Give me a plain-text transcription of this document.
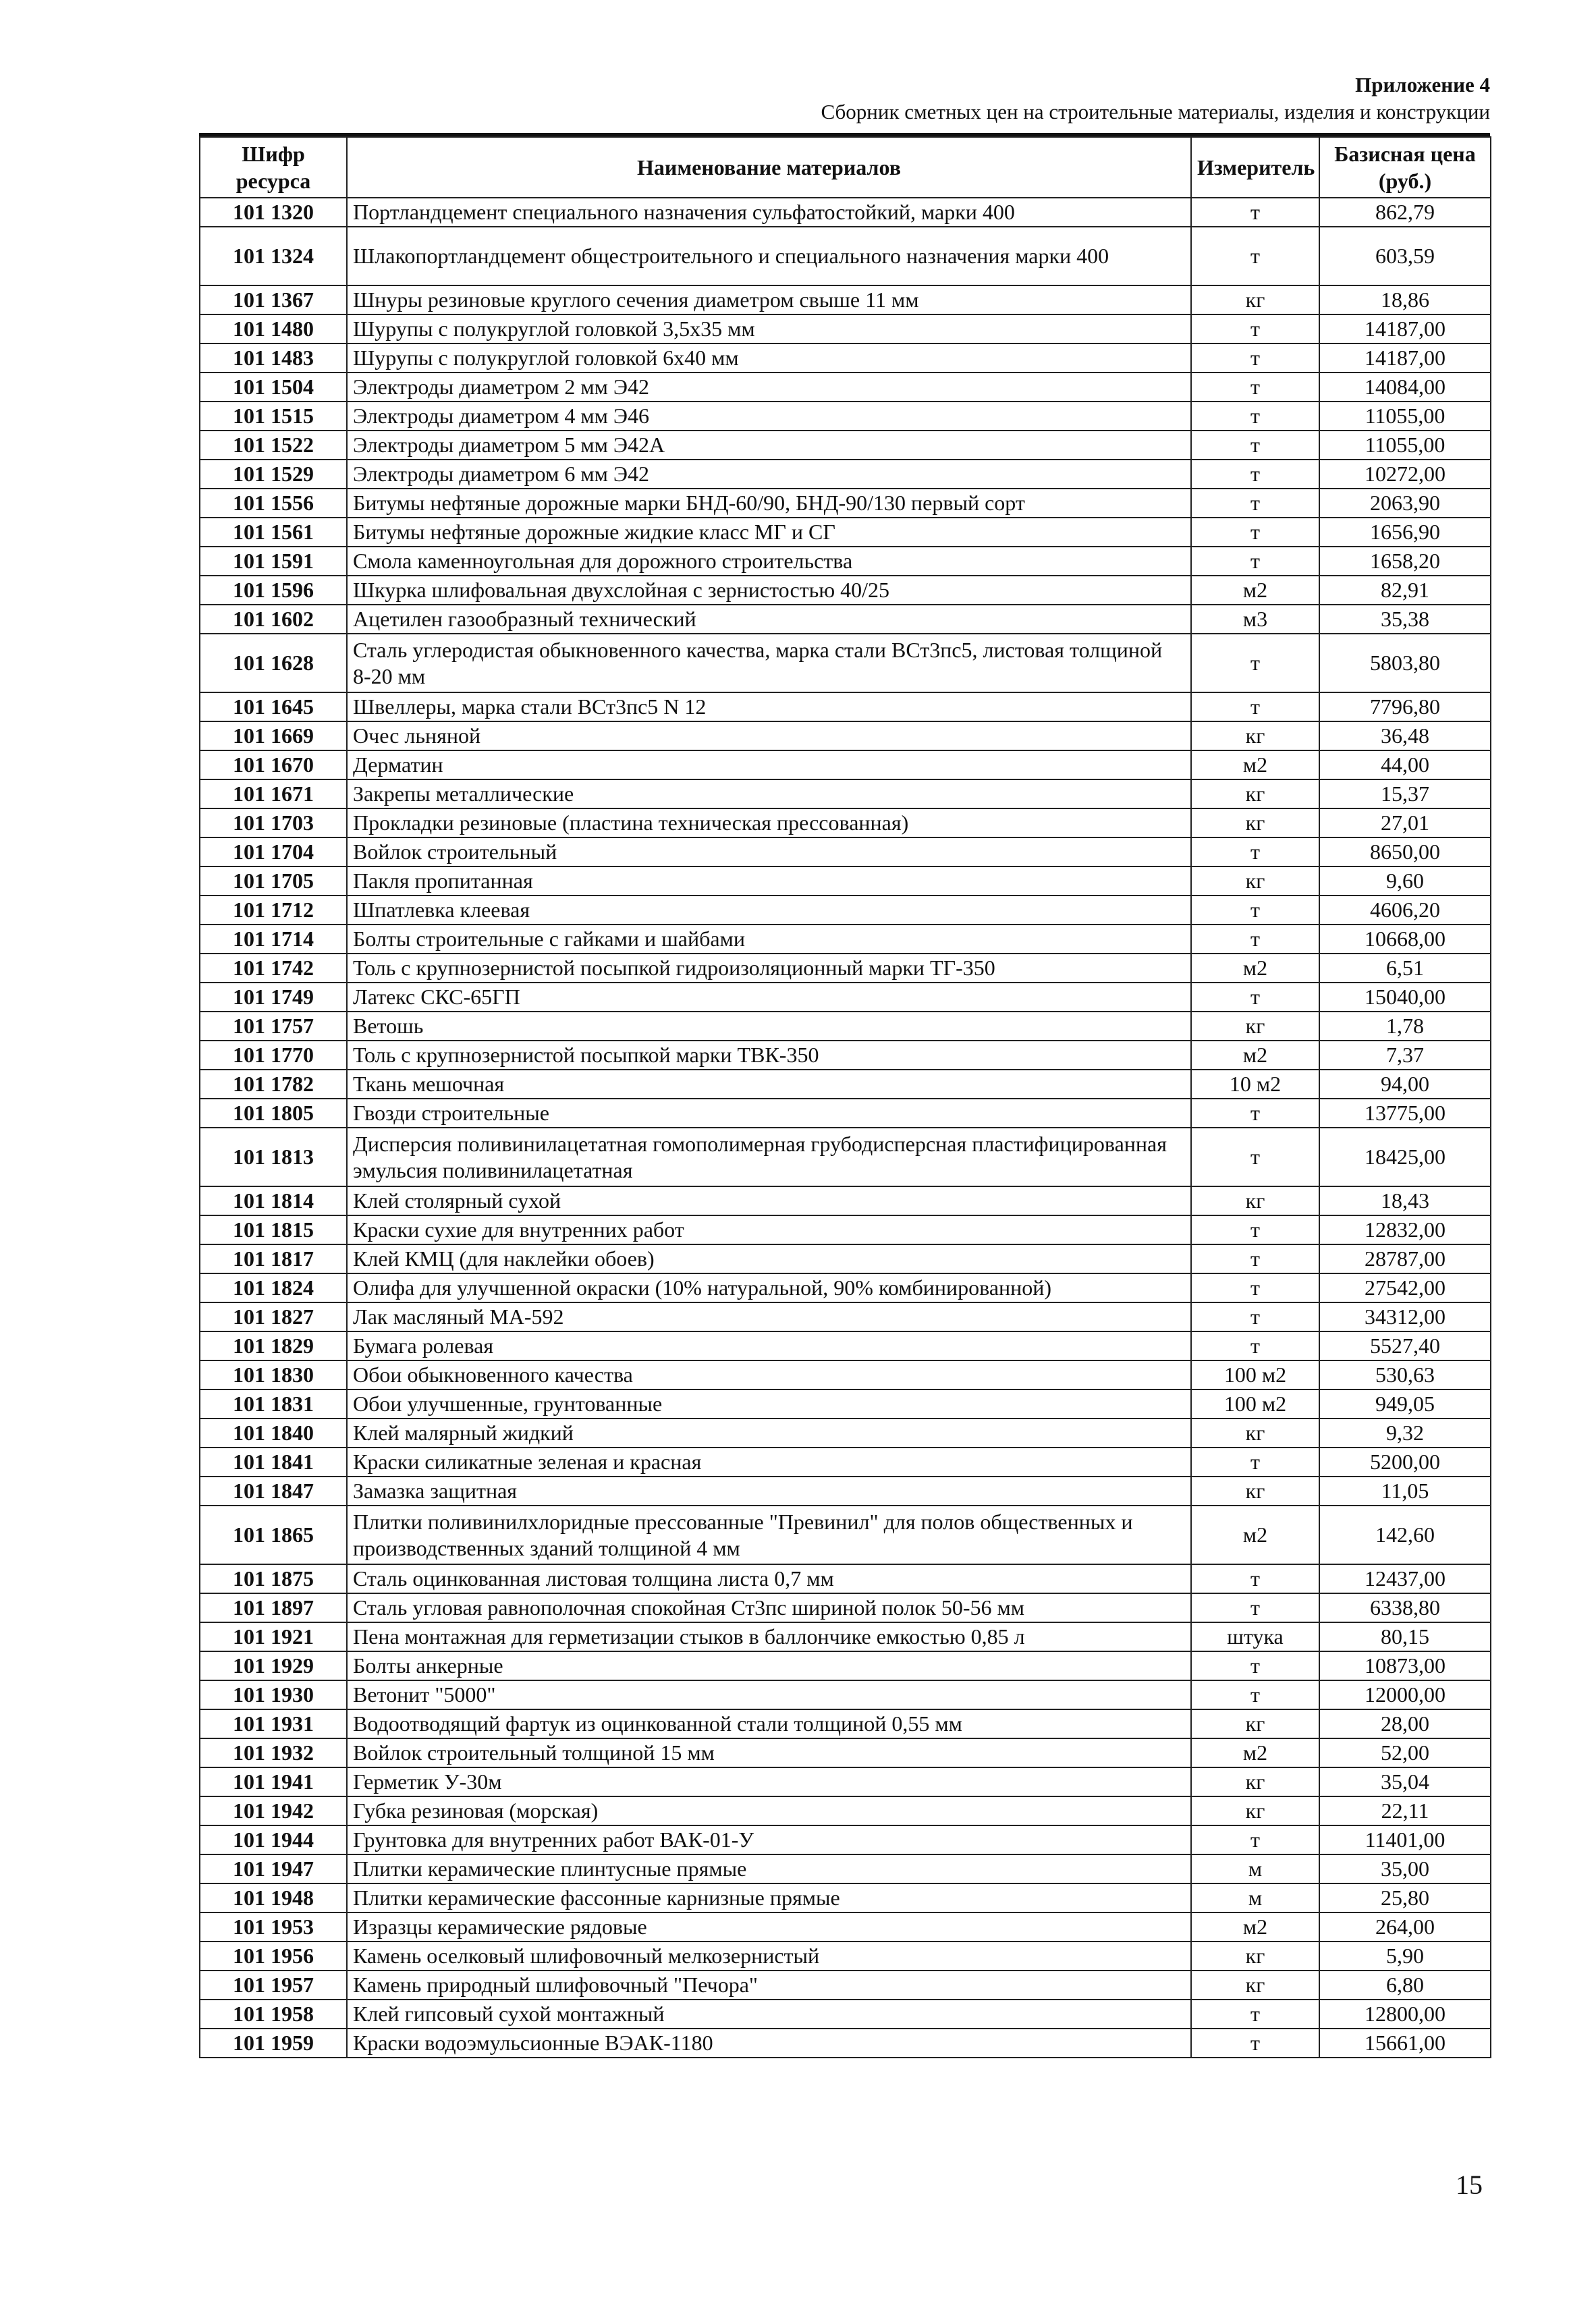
Приложение 4
Сборник сметных цен на строительные материалы, изделия и конструкции
Шифр ресурса	Наименование материалов	Измеритель	Базисная цена (руб.)
101 1320	Портландцемент специального назначения сульфатостойкий, марки 400	т	862,79
101 1324	Шлакопортландцемент общестроительного и специального назначения марки 400	т	603,59
101 1367	Шнуры резиновые круглого сечения диаметром свыше 11 мм	кг	18,86
101 1480	Шурупы с полукруглой головкой 3,5х35 мм	т	14187,00
101 1483	Шурупы с полукруглой головкой 6х40 мм	т	14187,00
101 1504	Электроды диаметром 2 мм Э42	т	14084,00
101 1515	Электроды диаметром 4 мм Э46	т	11055,00
101 1522	Электроды диаметром 5 мм Э42А	т	11055,00
101 1529	Электроды диаметром 6 мм Э42	т	10272,00
101 1556	Битумы нефтяные дорожные марки БНД-60/90, БНД-90/130 первый сорт	т	2063,90
101 1561	Битумы нефтяные дорожные жидкие класс МГ и СГ	т	1656,90
101 1591	Смола каменноугольная для дорожного строительства	т	1658,20
101 1596	Шкурка шлифовальная двухслойная с зернистостью 40/25	м2	82,91
101 1602	Ацетилен газообразный технический	м3	35,38
101 1628	Сталь углеродистая обыкновенного качества, марка стали ВСт3пс5, листовая толщиной 8-20 мм	т	5803,80
101 1645	Швеллеры, марка стали ВСт3пс5 N 12	т	7796,80
101 1669	Очес льняной	кг	36,48
101 1670	Дерматин	м2	44,00
101 1671	Закрепы металлические	кг	15,37
101 1703	Прокладки резиновые (пластина техническая прессованная)	кг	27,01
101 1704	Войлок строительный	т	8650,00
101 1705	Пакля пропитанная	кг	9,60
101 1712	Шпатлевка клеевая	т	4606,20
101 1714	Болты строительные с гайками и шайбами	т	10668,00
101 1742	Толь с крупнозернистой посыпкой гидроизоляционный марки ТГ-350	м2	6,51
101 1749	Латекс СКС-65ГП	т	15040,00
101 1757	Ветошь	кг	1,78
101 1770	Толь с крупнозернистой посыпкой марки ТВК-350	м2	7,37
101 1782	Ткань мешочная	10 м2	94,00
101 1805	Гвозди строительные	т	13775,00
101 1813	Дисперсия поливинилацетатная гомополимерная грубодисперсная пластифицированная эмульсия поливинилацетатная	т	18425,00
101 1814	Клей столярный сухой	кг	18,43
101 1815	Краски сухие для внутренних работ	т	12832,00
101 1817	Клей КМЦ (для наклейки обоев)	т	28787,00
101 1824	Олифа для улучшенной окраски (10% натуральной, 90% комбинированной)	т	27542,00
101 1827	Лак масляный МА-592	т	34312,00
101 1829	Бумага ролевая	т	5527,40
101 1830	Обои обыкновенного качества	100 м2	530,63
101 1831	Обои улучшенные, грунтованные	100 м2	949,05
101 1840	Клей малярный жидкий	кг	9,32
101 1841	Краски силикатные зеленая и красная	т	5200,00
101 1847	Замазка защитная	кг	11,05
101 1865	Плитки поливинилхлоридные прессованные "Превинил" для полов общественных и производственных зданий толщиной 4 мм	м2	142,60
101 1875	Сталь оцинкованная листовая толщина листа 0,7 мм	т	12437,00
101 1897	Сталь угловая равнополочная спокойная Ст3пс шириной полок 50-56 мм	т	6338,80
101 1921	Пена монтажная для герметизации стыков в баллончике емкостью 0,85 л	штука	80,15
101 1929	Болты анкерные	т	10873,00
101 1930	Ветонит "5000"	т	12000,00
101 1931	Водоотводящий фартук из оцинкованной стали толщиной 0,55 мм	кг	28,00
101 1932	Войлок строительный толщиной 15 мм	м2	52,00
101 1941	Герметик У-30м	кг	35,04
101 1942	Губка резиновая (морская)	кг	22,11
101 1944	Грунтовка для внутренних работ ВАК-01-У	т	11401,00
101 1947	Плитки керамические плинтусные прямые	м	35,00
101 1948	Плитки керамические фассонные карнизные прямые	м	25,80
101 1953	Изразцы керамические рядовые	м2	264,00
101 1956	Камень оселковый шлифовочный мелкозернистый	кг	5,90
101 1957	Камень природный шлифовочный "Печора"	кг	6,80
101 1958	Клей гипсовый сухой монтажный	т	12800,00
101 1959	Краски водоэмульсионные ВЭАК-1180	т	15661,00
15
